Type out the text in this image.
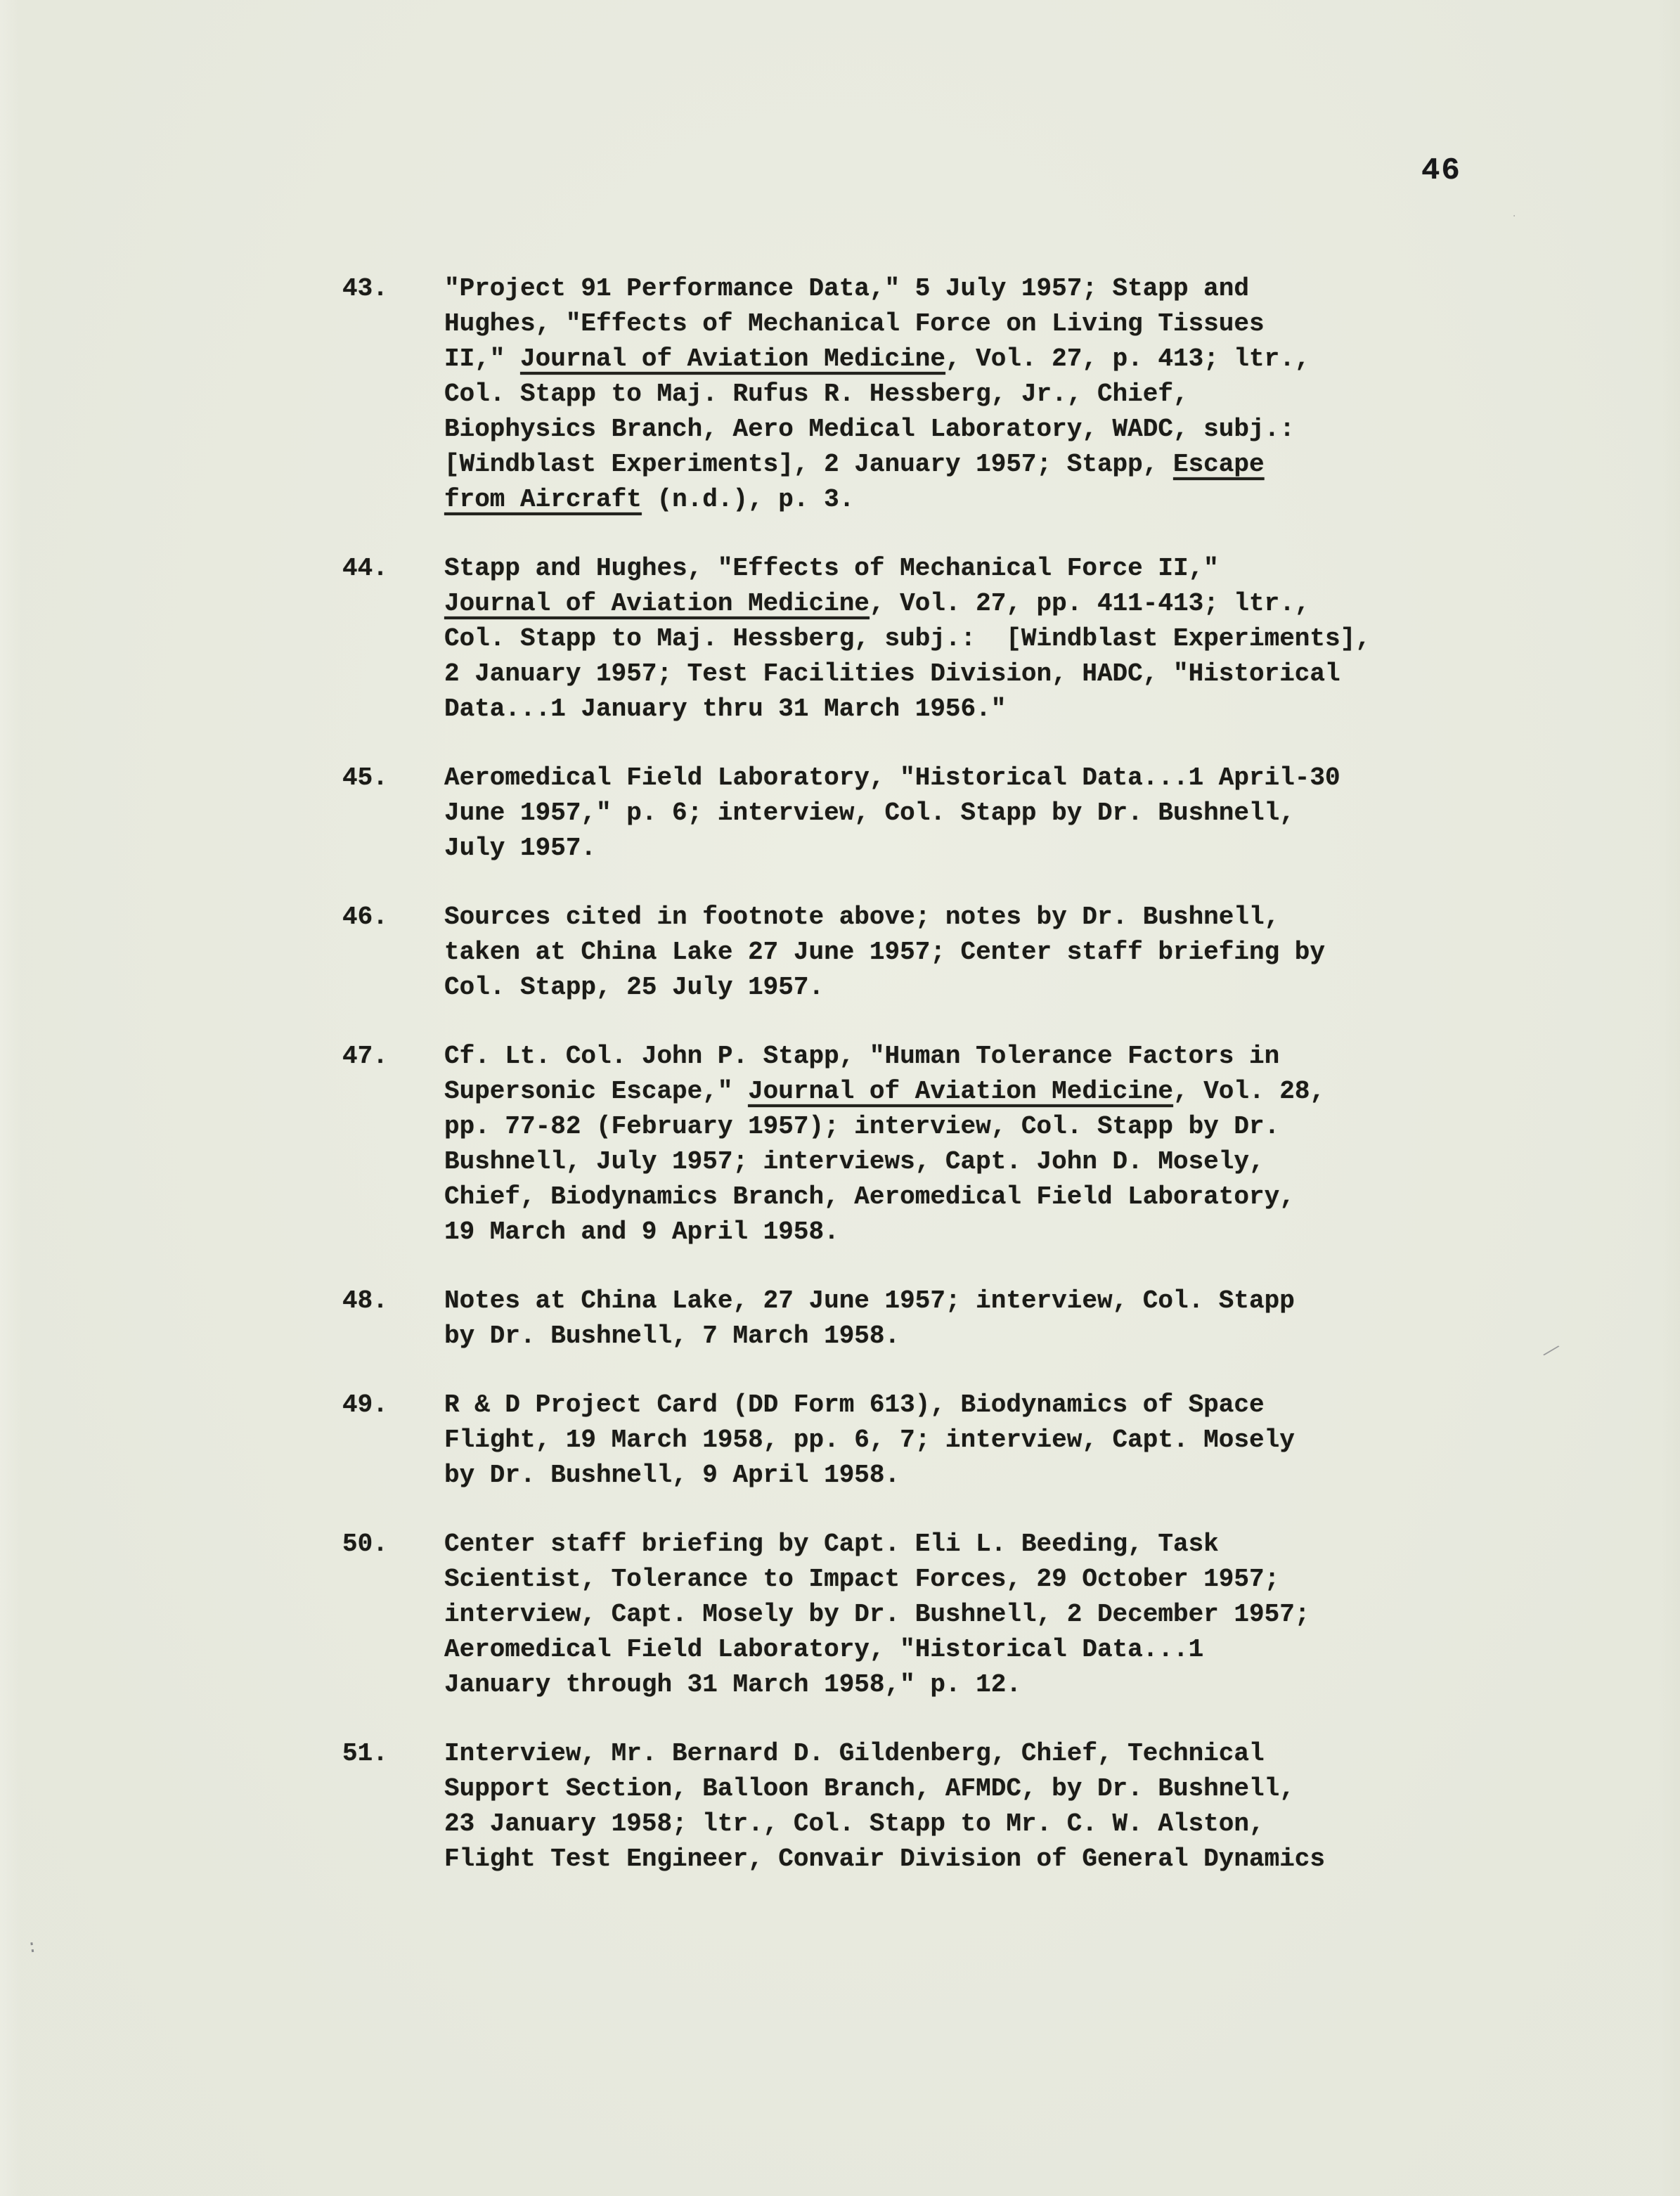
46
43.	"Project 91 Performance Data," 5 July 1957; Stapp and
Hughes, "Effects of Mechanical Force on Living Tissues
II," Journal of Aviation Medicine, Vol. 27, p. 413; ltr.,
Col. Stapp to Maj. Rufus R. Hessberg, Jr., Chief,
Biophysics Branch, Aero Medical Laboratory, WADC, subj.:
[Windblast Experiments], 2 January 1957; Stapp, Escape
from Aircraft (n.d.), p. 3.
44.	Stapp and Hughes, "Effects of Mechanical Force II,"
Journal of Aviation Medicine, Vol. 27, pp. 411-413; ltr.,
Col. Stapp to Maj. Hessberg, subj.:  [Windblast Experiments],
2 January 1957; Test Facilities Division, HADC, "Historical
Data...1 January thru 31 March 1956."
45.	Aeromedical Field Laboratory, "Historical Data...1 April-30
June 1957," p. 6; interview, Col. Stapp by Dr. Bushnell,
July 1957.
46.	Sources cited in footnote above; notes by Dr. Bushnell,
taken at China Lake 27 June 1957; Center staff briefing by
Col. Stapp, 25 July 1957.
47.	Cf. Lt. Col. John P. Stapp, "Human Tolerance Factors in
Supersonic Escape," Journal of Aviation Medicine, Vol. 28,
pp. 77-82 (February 1957); interview, Col. Stapp by Dr.
Bushnell, July 1957; interviews, Capt. John D. Mosely,
Chief, Biodynamics Branch, Aeromedical Field Laboratory,
19 March and 9 April 1958.
48.	Notes at China Lake, 27 June 1957; interview, Col. Stapp
by Dr. Bushnell, 7 March 1958.
49.	R & D Project Card (DD Form 613), Biodynamics of Space
Flight, 19 March 1958, pp. 6, 7; interview, Capt. Mosely
by Dr. Bushnell, 9 April 1958.
50.	Center staff briefing by Capt. Eli L. Beeding, Task
Scientist, Tolerance to Impact Forces, 29 October 1957;
interview, Capt. Mosely by Dr. Bushnell, 2 December 1957;
Aeromedical Field Laboratory, "Historical Data...1
January through 31 March 1958," p. 12.
51.	Interview, Mr. Bernard D. Gildenberg, Chief, Technical
Support Section, Balloon Branch, AFMDC, by Dr. Bushnell,
23 January 1958; ltr., Col. Stapp to Mr. C. W. Alston,
Flight Test Engineer, Convair Division of General Dynamics
⁄
:
·
